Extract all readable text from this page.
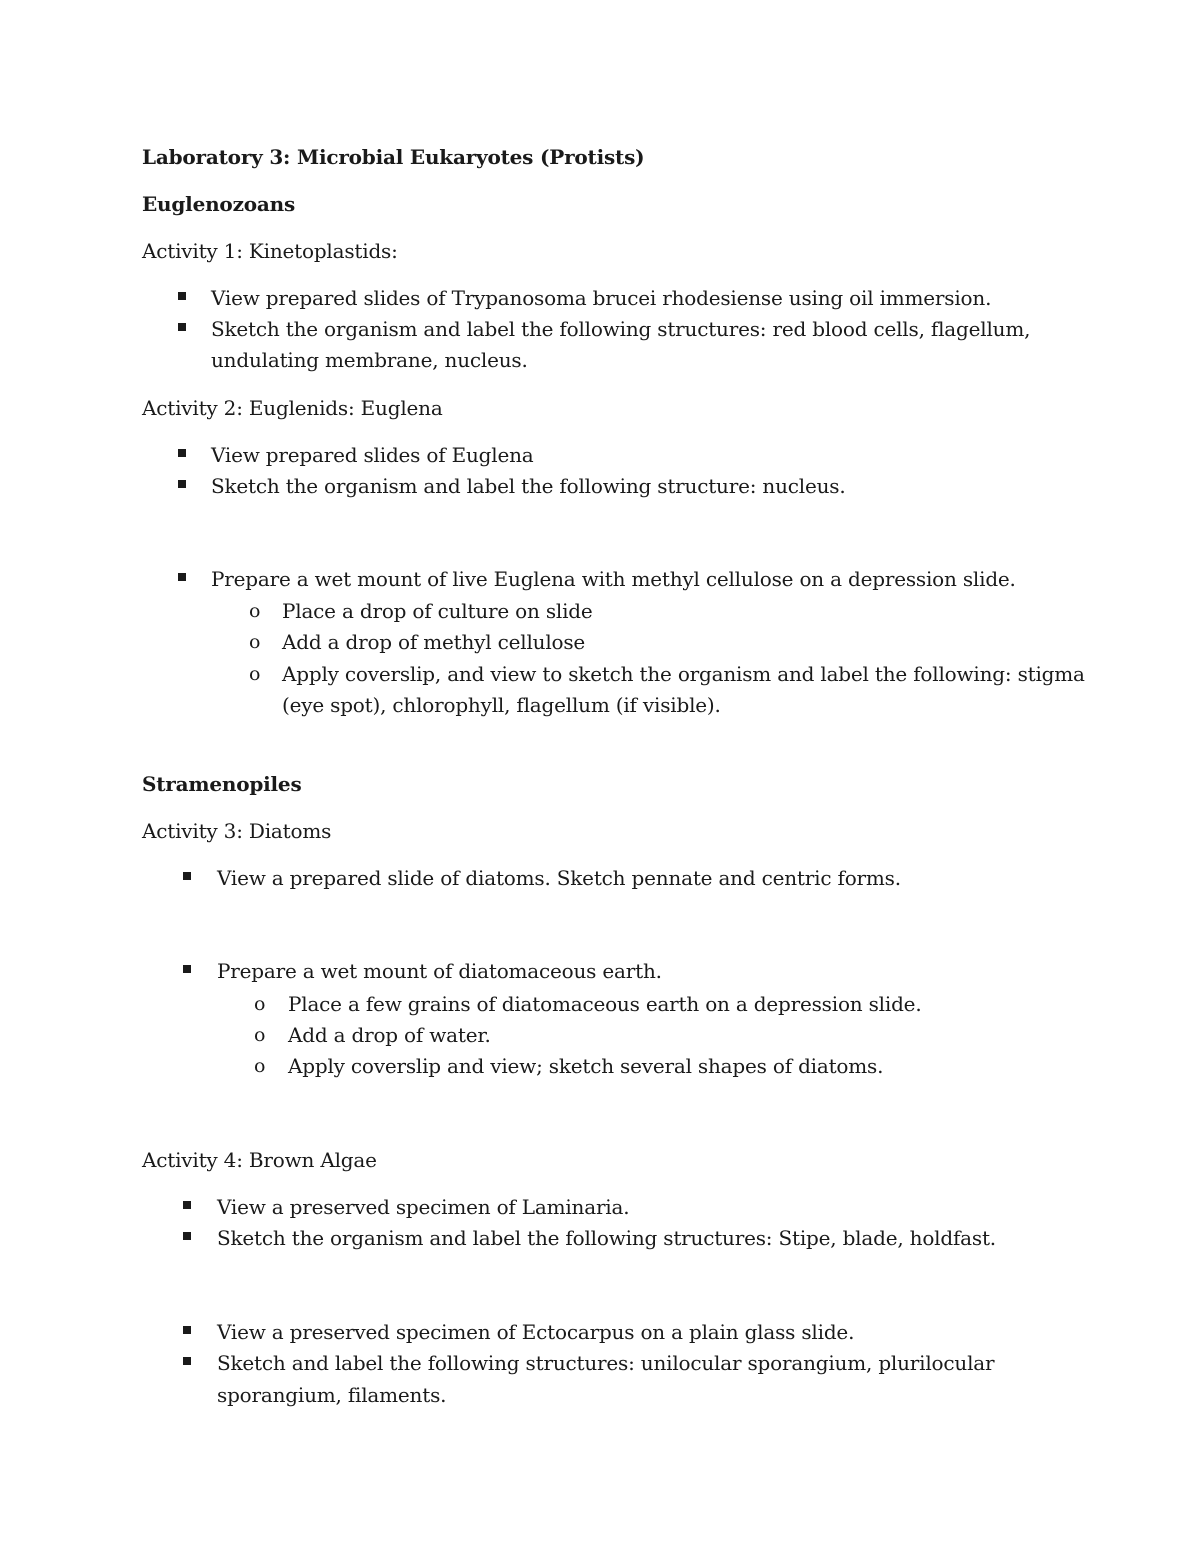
Laboratory 3: Microbial Eukaryotes (Protists)
Euglenozoans
Activity 1: Kinetoplastids:
View prepared slides of Trypanosoma brucei rhodesiense using oil immersion.
Sketch the organism and label the following structures: red blood cells, flagellum,
undulating membrane, nucleus.
Activity 2: Euglenids: Euglena
View prepared slides of Euglena
Sketch the organism and label the following structure: nucleus.
Prepare a wet mount of live Euglena with methyl cellulose on a depression slide.
o Place a drop of culture on slide
o Add a drop of methyl cellulose
o Apply coverslip, and view to sketch the organism and label the following: stigma
(eye spot), chlorophyll, flagellum (if visible).
Stramenopiles
Activity 3: Diatoms
View a prepared slide of diatoms. Sketch pennate and centric forms.
Prepare a wet mount of diatomaceous earth.
o Place a few grains of diatomaceous earth on a depression slide.
o Add a drop of water.
o Apply coverslip and view; sketch several shapes of diatoms.
Activity 4: Brown Algae
View a preserved specimen of Laminaria.
Sketch the organism and label the following structures: Stipe, blade, holdfast.
View a preserved specimen of Ectocarpus on a plain glass slide.
Sketch and label the following structures: unilocular sporangium, plurilocular
sporangium, filaments.
